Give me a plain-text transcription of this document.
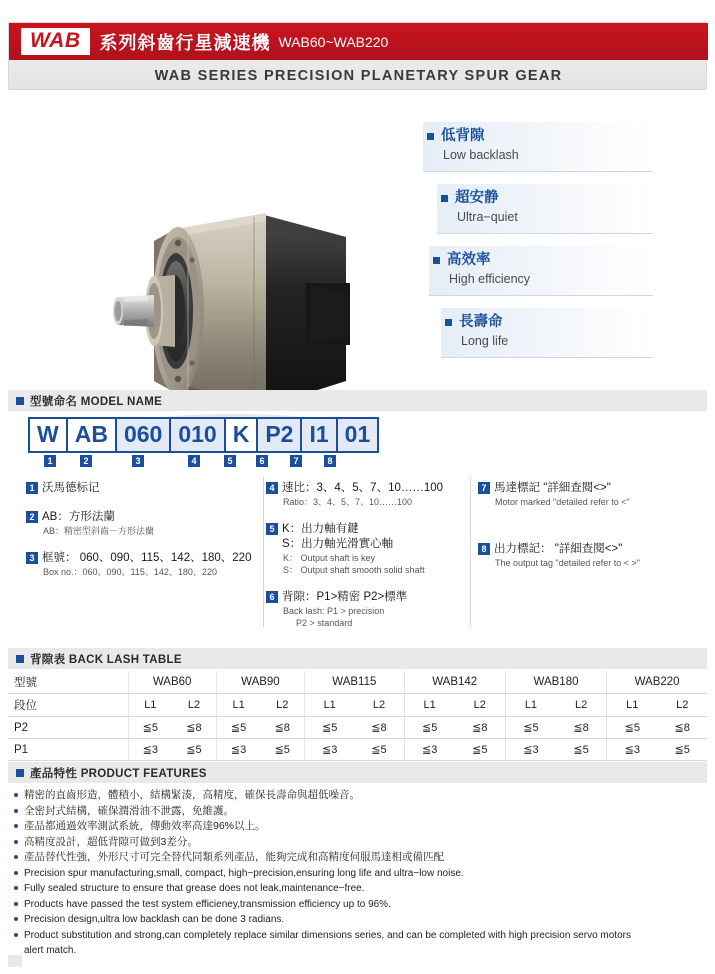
WAB	系列斜齒行星減速機 WAB60~WAB220
WAB SERIES PRECISION PLANETARY SPUR GEAR
低背隙
Low backlash
超安静
Ultra−quiet
高效率
High efficiency
長壽命
Long life
型號命名 MODEL NAME
W AB 060 010 K P2 I1 01
1	2	3	4	5	6	7	8
1 沃馬德标记
2 AB：方形法蘭
AB：精密型斜齒－方形法蘭
3 框號： 060、090、115、142、180、220
Box no.：060、090、115、142、180、220
4 速比：3、4、5、7、10……100
Ratio：3、4、5、7、10……100
5 K：出力軸有鍵
S：出力軸光滑實心軸
K： Output shaft is key
S： Output shaft smooth solid shaft
6 背隙：P1>精密 P2>標準
Back lash: P1 > precision
P2 > standard
7 馬達標記 "詳細查閱<>"
Motor marked "detailed refer to <"
8 出力標記： "詳細查閱<>"
The output tag "detailed refer to < >"
背隙表 BACK LASH TABLE
型號	WAB60		WAB90		WAB115		WAB142		WAB180		WAB220	
段位	L1	L2	L1	L2	L1	L2	L1	L2	L1	L2	L1	L2
P2	≦5	≦8	≦5	≦8	≦5	≦8	≦5	≦8	≦5	≦8	≦5	≦8
P1	≦3	≦5	≦3	≦5	≦3	≦5	≦3	≦5	≦3	≦5	≦3	≦5
產品特性 PRODUCT FEATURES
精密的直齒形造，體積小，結構緊湊，高精度，確保長壽命與超低噪音。
全密封式結構，確保潤滑油不泄露，免維護。
產品都通過效率測試系統，傳動效率高達96%以上。
高精度設計，超低背隙可做到3差分。
產品替代性強，外形尺寸可完全替代同類系列產品，能夠完成和高精度伺服馬達相或備匹配
Precision spur manufacturing,small, compact, high−precision,ensuring long life and ultra−low noise.
Fully sealed structure to ensure that grease does not leak,maintenance−free.
Products have passed the test system efficieney,transmission efficiency up to 96%.
Precision design,ultra low backlash can be done 3 radians.
Product substitution and strong,can completely replace similar dimensions series, and can be completed with high precision servo motors
alert match.
